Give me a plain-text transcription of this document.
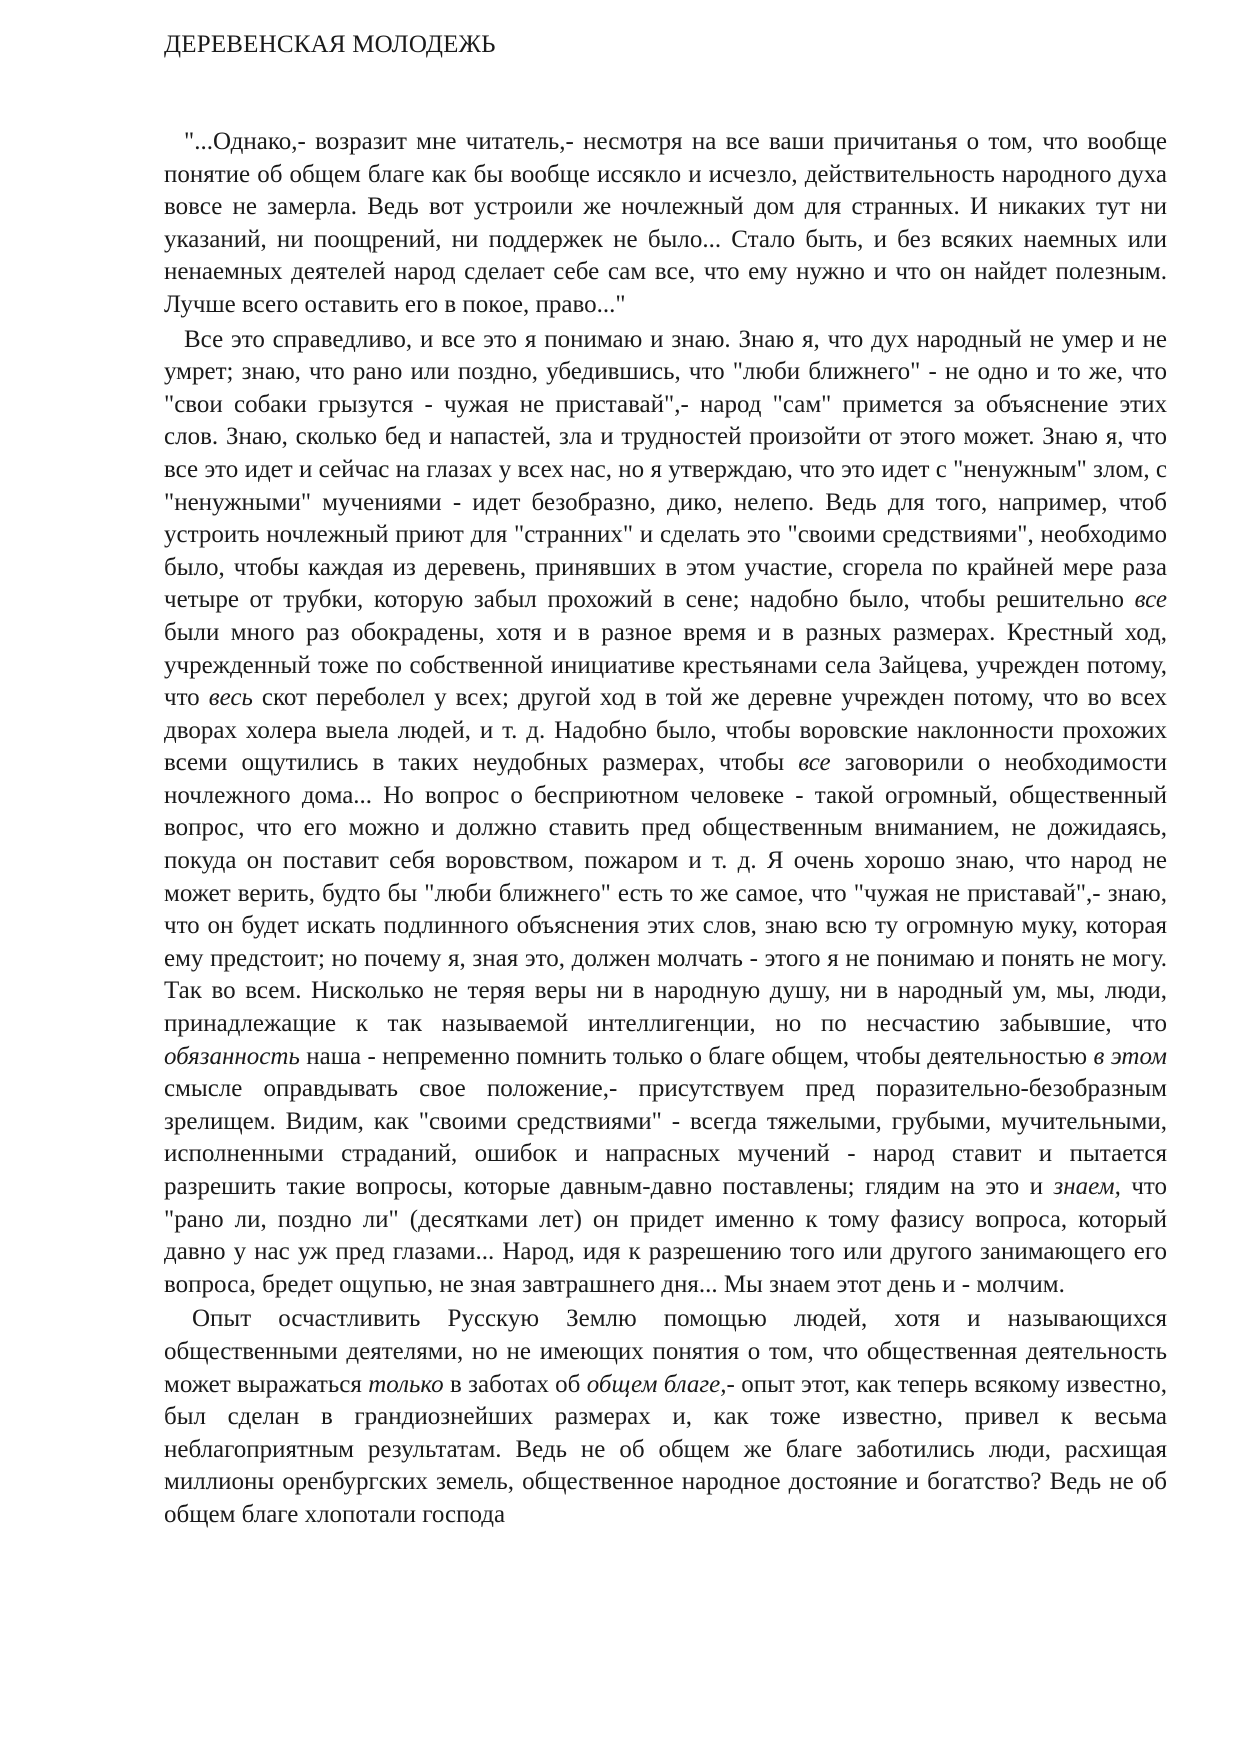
ДЕРЕВЕНСКАЯ МОЛОДЕЖЬ

"...Однако,- возразит мне читатель,- несмотря на все ваши причитанья о том, что вообще понятие об общем благе как бы вообще иссякло и исчезло, действительность народного духа вовсе не замерла. Ведь вот устроили же ночлежный дом для странных. И никаких тут ни указаний, ни поощрений, ни поддержек не было... Стало быть, и без всяких наемных или ненаемных деятелей народ сделает себе сам все, что ему нужно и что он найдет полезным. Лучше всего оставить его в покое, право..."

Все это справедливо, и все это я понимаю и знаю. Знаю я, что дух народный не умер и не умрет; знаю, что рано или поздно, убедившись, что "люби ближнего" - не одно и то же, что "свои собаки грызутся - чужая не приставай",- народ "сам" примется за объяснение этих слов. Знаю, сколько бед и напастей, зла и трудностей произойти от этого может. Знаю я, что все это идет и сейчас на глазах у всех нас, но я утверждаю, что это идет с "ненужным" злом, с "ненужными" мучениями - идет безобразно, дико, нелепо. Ведь для того, например, чтоб устроить ночлежный приют для "странних" и сделать это "своими средствиями", необходимо было, чтобы каждая из деревень, принявших в этом участие, сгорела по крайней мере раза четыре от трубки, которую забыл прохожий в сене; надобно было, чтобы решительно все были много раз обокрадены, хотя и в разное время и в разных размерах. Крестный ход, учрежденный тоже по собственной инициативе крестьянами села Зайцева, учрежден потому, что весь скот переболел у всех; другой ход в той же деревне учрежден потому, что во всех дворах холера выела людей, и т. д. Надобно было, чтобы воровские наклонности прохожих всеми ощутились в таких неудобных размерах, чтобы все заговорили о необходимости ночлежного дома... Но вопрос о бесприютном человеке - такой огромный, общественный вопрос, что его можно и должно ставить пред общественным вниманием, не дожидаясь, покуда он поставит себя воровством, пожаром и т. д. Я очень хорошо знаю, что народ не может верить, будто бы "люби ближнего" есть то же самое, что "чужая не приставай",- знаю, что он будет искать подлинного объяснения этих слов, знаю всю ту огромную муку, которая ему предстоит; но почему я, зная это, должен молчать - этого я не понимаю и понять не могу. Так во всем. Нисколько не теряя веры ни в народную душу, ни в народный ум, мы, люди, принадлежащие к так называемой интеллигенции, но по несчастию забывшие, что обязанность наша - непременно помнить только о благе общем, чтобы деятельностью в этом смысле оправдывать свое положение,- присутствуем пред поразительно-безобразным зрелищем. Видим, как "своими средствиями" - всегда тяжелыми, грубыми, мучительными, исполненными страданий, ошибок и напрасных мучений - народ ставит и пытается разрешить такие вопросы, которые давным-давно поставлены; глядим на это и знаем, что "рано ли, поздно ли" (десятками лет) он придет именно к тому фазису вопроса, который давно у нас уж пред глазами... Народ, идя к разрешению того или другого занимающего его вопроса, бредет ощупью, не зная завтрашнего дня... Мы знаем этот день и - молчим.

Опыт осчастливить Русскую Землю помощью людей, хотя и называющихся общественными деятелями, но не имеющих понятия о том, что общественная деятельность может выражаться только в заботах об общем благе,- опыт этот, как теперь всякому известно, был сделан в грандиознейших размерах и, как тоже известно, привел к весьма неблагоприятным результатам. Ведь не об общем же благе заботились люди, расхищая миллионы оренбургских земель, общественное народное достояние и богатство? Ведь не об общем благе хлопотали господа
